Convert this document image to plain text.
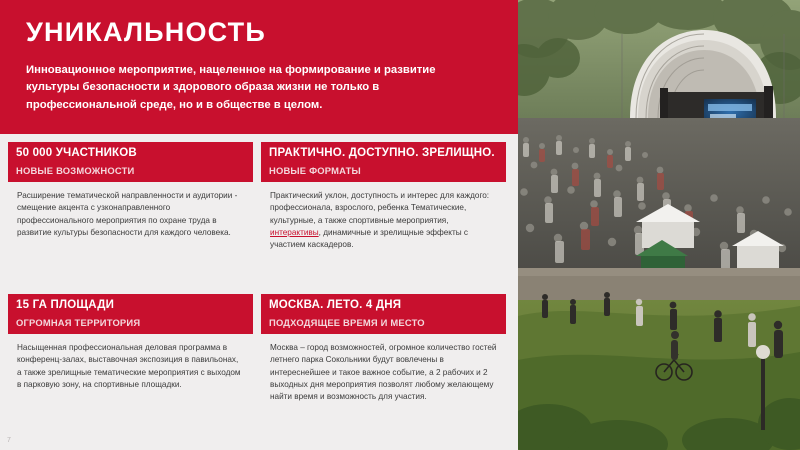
УНИКАЛЬНОСТЬ

Инновационное мероприятие, нацеленное на формирование и развитие культуры безопасности и здорового образа жизни не только в профессиональной среде, но и в обществе в целом.

50 000 УЧАСТНИКОВ
НОВЫЕ ВОЗМОЖНОСТИ
Расширение тематической направленности и аудитории - смещение акцента с узконаправленного профессионального мероприятия по охране труда в развитие культуры безопасности для каждого человека.
ПРАКТИЧНО. ДОСТУПНО. ЗРЕЛИЩНО.
НОВЫЕ ФОРМАТЫ
Практический уклон, доступность и интерес для каждого: профессионала, взрослого, ребенка Тематические, культурные, а также спортивные мероприятия, интерактивы, динамичные и зрелищные эффекты с участием каскадеров.
15 ГА ПЛОЩАДИ
ОГРОМНАЯ ТЕРРИТОРИЯ
Насыщенная профессиональная деловая программа в конференц-залах, выставочная экспозиция в павильонах, а также зрелищные тематические мероприятия с выходом в парковую зону, на спортивные площадки.
МОСКВА. ЛЕТО. 4 ДНЯ
ПОДХОДЯЩЕЕ ВРЕМЯ И МЕСТО
Москва – город возможностей, огромное количество гостей летнего парка Сокольники будут вовлечены в интереснейшее и такое важное событие, а 2 рабочих и 2 выходных дня мероприятия позволят любому желающему найти время и возможность для участия.
7
